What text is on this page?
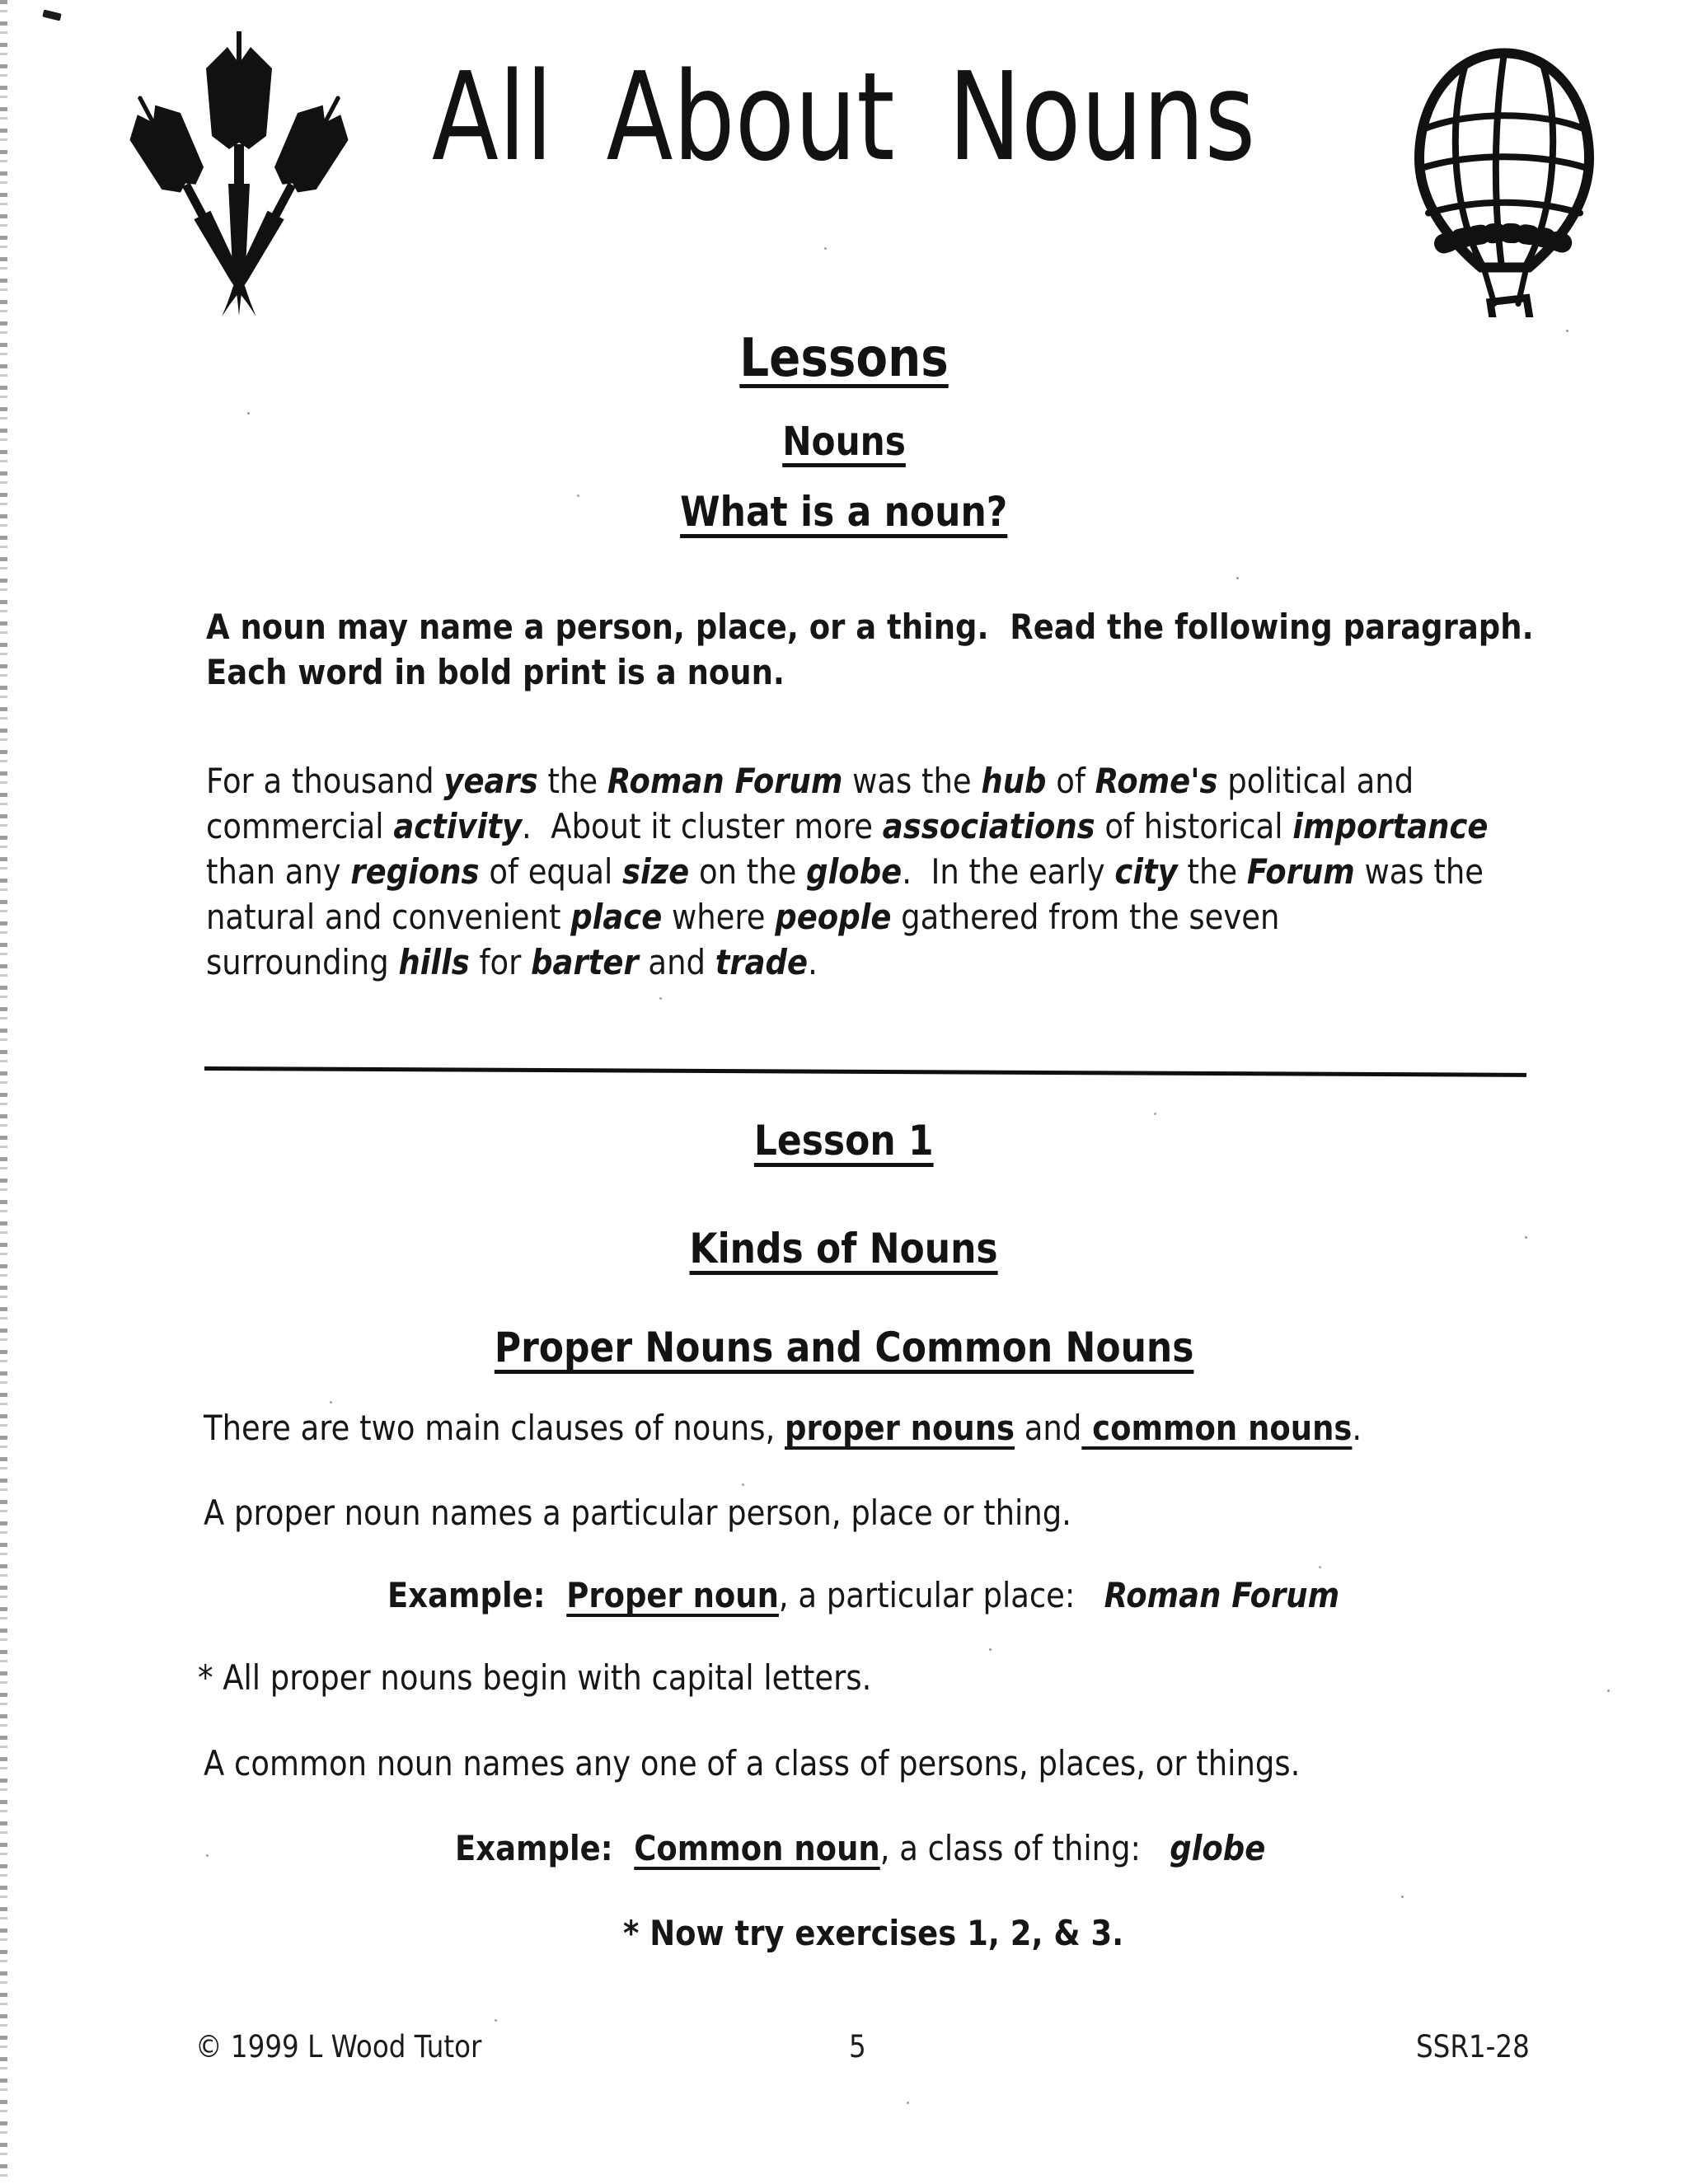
All About Nouns
Lessons
Nouns
What is a noun?
A noun may name a person, place, or a thing.  Read the following paragraph.
Each word in bold print is a noun.
For a thousand years the Roman Forum was the hub of Rome's political and
commercial activity.  About it cluster more associations of historical importance
than any regions of equal size on the globe.  In the early city the Forum was the
natural and convenient place where people gathered from the seven
surrounding hills for barter and trade.
Lesson 1
Kinds of Nouns
Proper Nouns and Common Nouns
There are two main clauses of nouns, proper nouns and common nouns.
A proper noun names a particular person, place or thing.
Example:  Proper noun, a particular place:   Roman Forum
* All proper nouns begin with capital letters.
A common noun names any one of a class of persons, places, or things.
Example:  Common noun, a class of thing:   globe
* Now try exercises 1, 2, & 3.
© 1999 L Wood Tutor	5	SSR1-28
